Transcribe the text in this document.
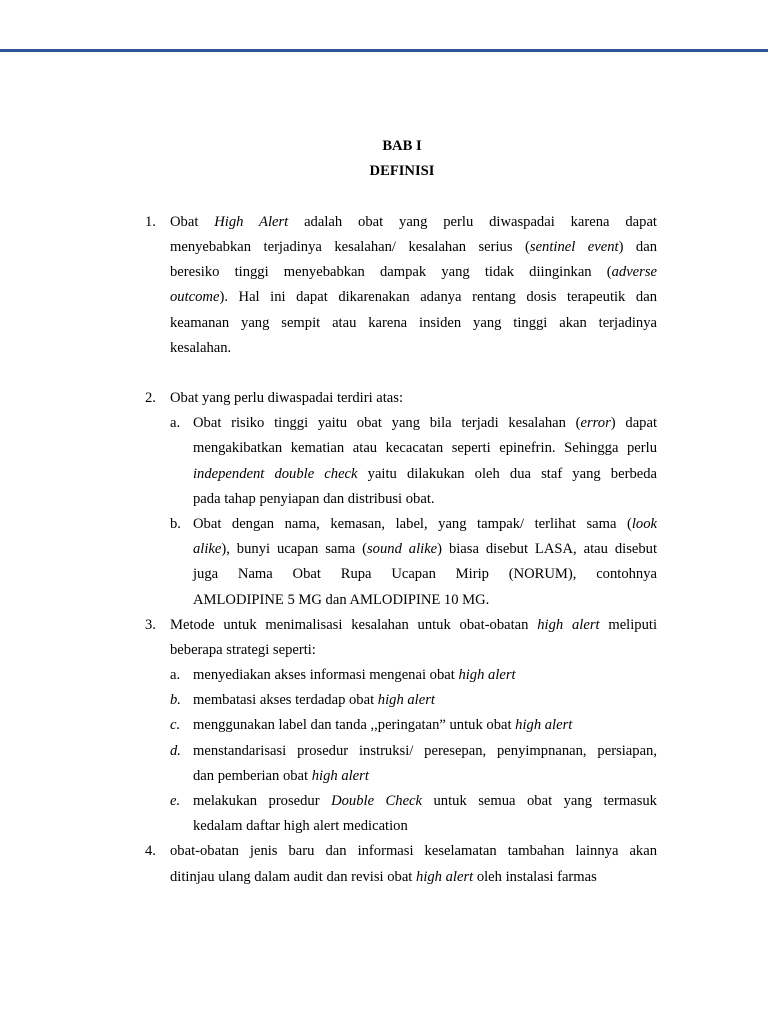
BAB I
DEFINISI
1. Obat High Alert adalah obat yang perlu diwaspadai karena dapat
menyebabkan terjadinya kesalahan/ kesalahan serius (sentinel event) dan
beresiko tinggi menyebabkan dampak yang tidak diinginkan (adverse
outcome). Hal ini dapat dikarenakan adanya rentang dosis terapeutik dan
keamanan yang sempit atau karena insiden yang tinggi akan terjadinya
kesalahan.
2. Obat yang perlu diwaspadai terdiri atas:
a. Obat risiko tinggi yaitu obat yang bila terjadi kesalahan (error) dapat
mengakibatkan kematian atau kecacatan seperti epinefrin. Sehingga perlu
independent double check yaitu dilakukan oleh dua staf yang berbeda
pada tahap penyiapan dan distribusi obat.
b. Obat dengan nama, kemasan, label, yang tampak/ terlihat sama (look
alike), bunyi ucapan sama (sound alike) biasa disebut LASA, atau disebut
juga Nama Obat Rupa Ucapan Mirip (NORUM), contohnya
AMLODIPINE 5 MG dan AMLODIPINE 10 MG.
3. Metode untuk menimalisasi kesalahan untuk obat-obatan high alert meliputi
beberapa strategi seperti:
a. menyediakan akses informasi mengenai obat high alert
b. membatasi akses terdadap obat high alert
c. menggunakan label dan tanda ,,peringatan” untuk obat high alert
d. menstandarisasi prosedur instruksi/ peresepan, penyimpnanan, persiapan,
dan pemberian obat high alert
e. melakukan prosedur Double Check untuk semua obat yang termasuk
kedalam daftar high alert medication
4. obat-obatan jenis baru dan informasi keselamatan tambahan lainnya akan
ditinjau ulang dalam audit dan revisi obat high alert oleh instalasi farmas
